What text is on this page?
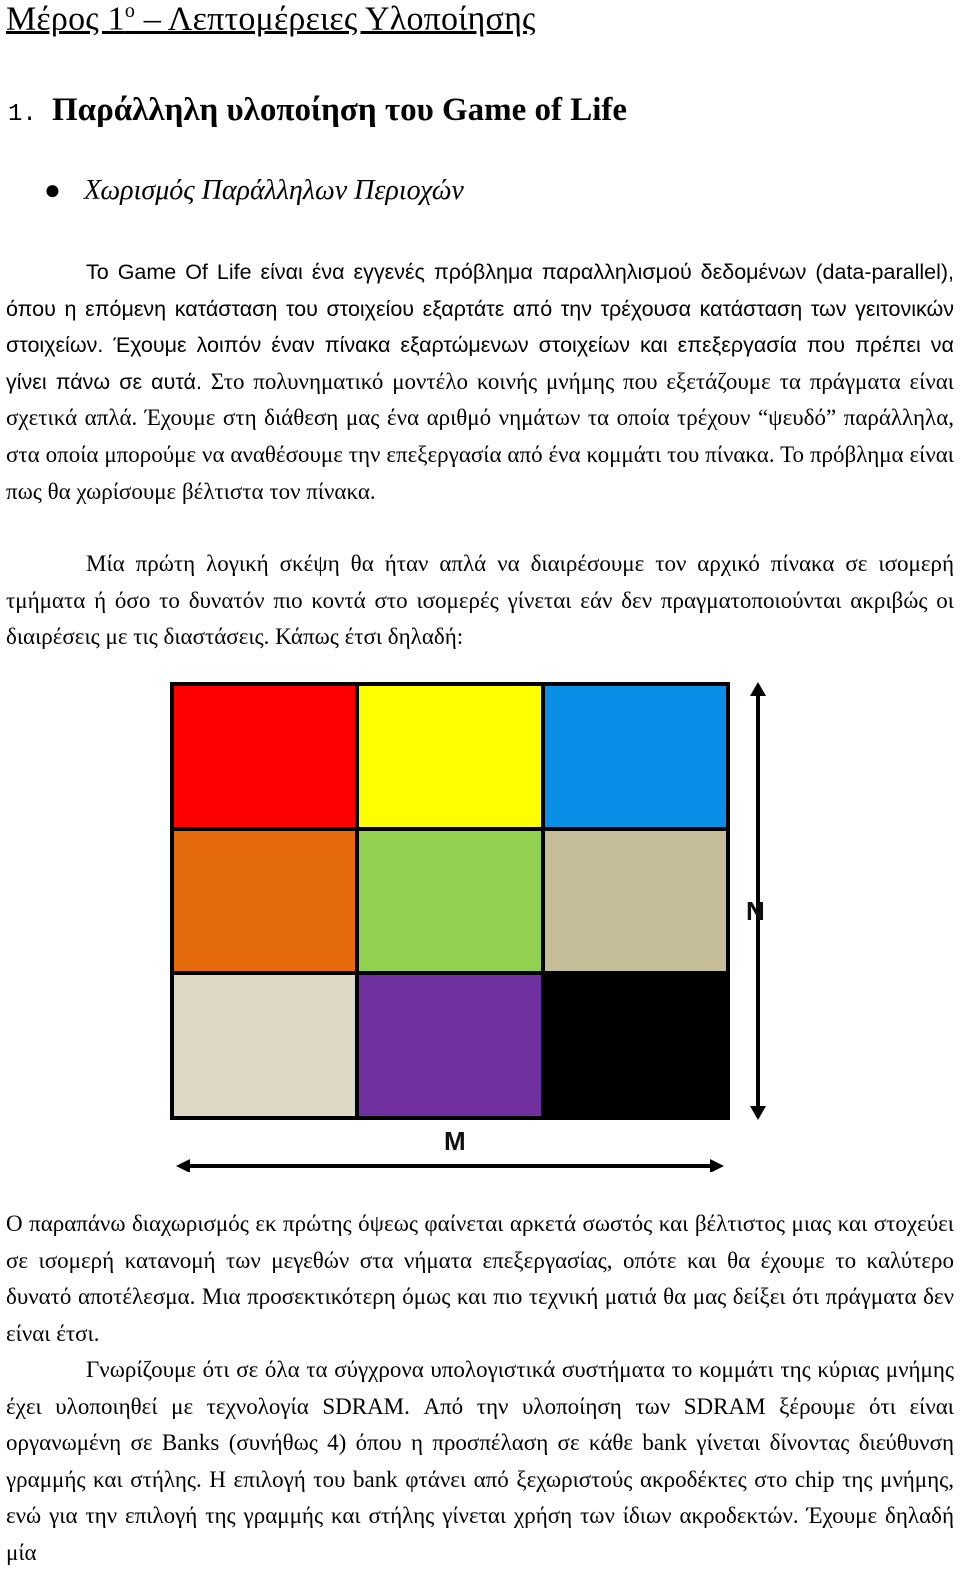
Μέρος $1^o$ – Λεπτομέρειες Υλοποίησης
1. Παράλληλη υλοποίηση του Game of Life
● Χωρισμός Παράλληλων Περιοχών

Το Game Of Life είναι ένα εγγενές πρόβλημα παραλληλισμού δεδομένων (data-parallel), όπου η επόμενη κατάσταση του στοιχείου εξαρτάτε από την τρέχουσα κατάσταση των γειτονικών στοιχείων. Έχουμε λοιπόν έναν πίνακα εξαρτώμενων στοιχείων και επεξεργασία που πρέπει να γίνει πάνω σε αυτά. Στο πολυνηματικό μοντέλο κοινής μνήμης που εξετάζουμε τα πράγματα είναι σχετικά απλά. Έχουμε στη διάθεση μας ένα αριθμό νημάτων τα οποία τρέχουν “ψευδό” παράλληλα, στα οποία μπορούμε να αναθέσουμε την επεξεργασία από ένα κομμάτι του πίνακα. Το πρόβλημα είναι πως θα χωρίσουμε βέλτιστα τον πίνακα.

Μία πρώτη λογική σκέψη θα ήταν απλά να διαιρέσουμε τον αρχικό πίνακα σε ισομερή τμήματα ή όσο το δυνατόν πιο κοντά στο ισομερές γίνεται εάν δεν πραγματοποιούνται ακριβώς οι διαιρέσεις με τις διαστάσεις. Κάπως έτσι δηλαδή:

N
M

Ο παραπάνω διαχωρισμός εκ πρώτης όψεως φαίνεται αρκετά σωστός και βέλτιστος μιας και στοχεύει σε ισομερή κατανομή των μεγεθών στα νήματα επεξεργασίας, οπότε και θα έχουμε το καλύτερο δυνατό αποτέλεσμα. Μια προσεκτικότερη όμως και πιο τεχνική ματιά θα μας δείξει ότι πράγματα δεν είναι έτσι.

Γνωρίζουμε ότι σε όλα τα σύγχρονα υπολογιστικά συστήματα το κομμάτι της κύριας μνήμης έχει υλοποιηθεί με τεχνολογία SDRAM. Από την υλοποίηση των SDRAM ξέρουμε ότι είναι οργανωμένη σε Banks (συνήθως 4) όπου η προσπέλαση σε κάθε bank γίνεται δίνοντας διεύθυνση γραμμής και στήλης. Η επιλογή του bank φτάνει από ξεχωριστούς ακροδέκτες στο chip της μνήμης, ενώ για την επιλογή της γραμμής και στήλης γίνεται χρήση των ίδιων ακροδεκτών. Έχουμε δηλαδή μία
